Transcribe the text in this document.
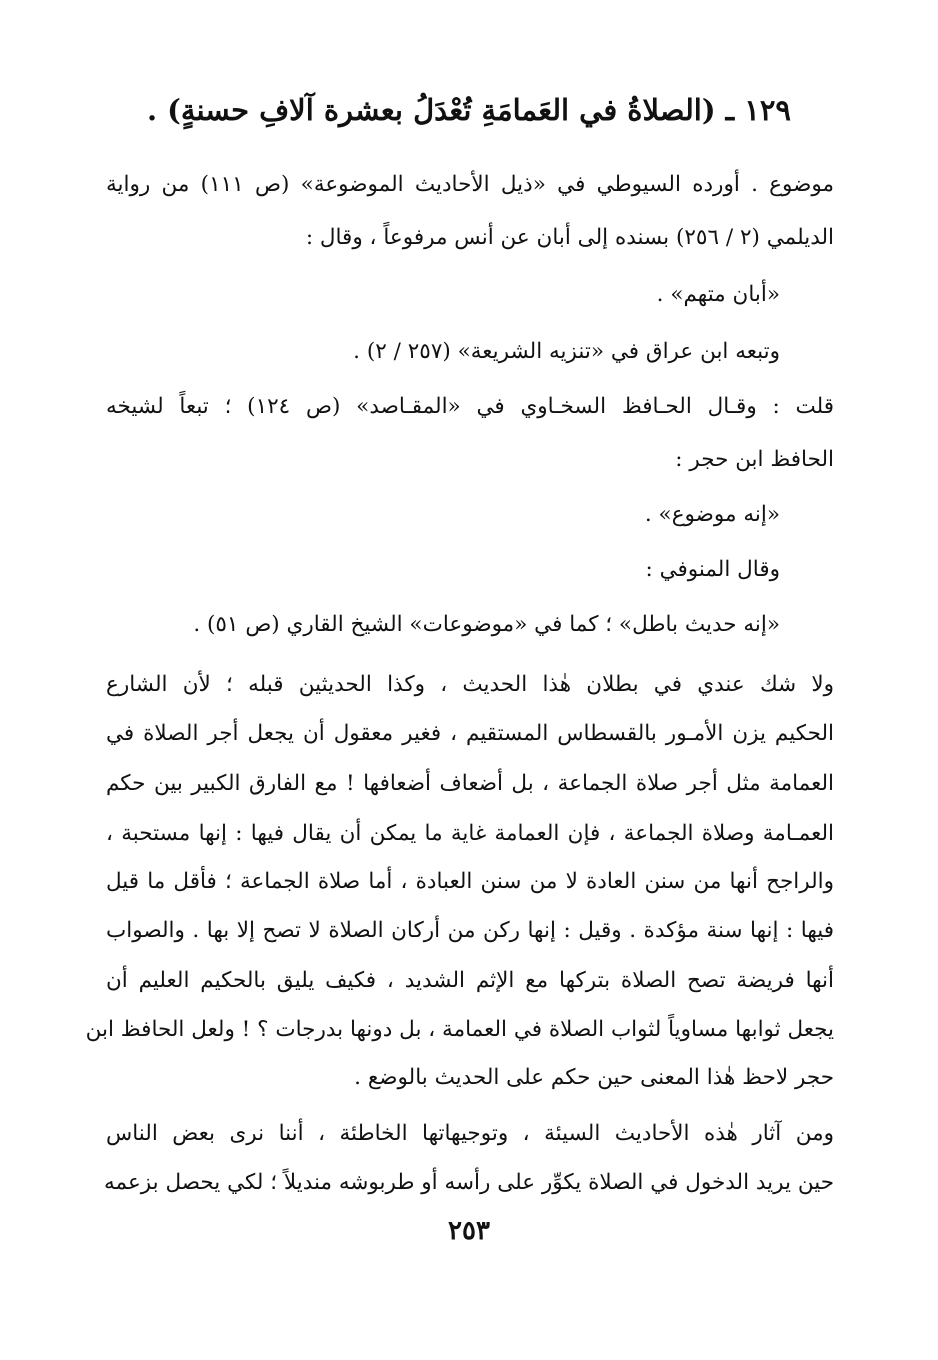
١٢٩ ـ (الصلاةُ في العَمامَةِ تُعْدَلُ بعشرة آلافِ حسنةٍ) .
موضوع . أورده السيوطي في «ذيل الأحاديث الموضوعة» (ص ١١١) من رواية
الديلمي (٢ / ٢٥٦) بسنده إلى أبان عن أنس مرفوعاً ، وقال :
«أبان متهم» .
وتبعه ابن عراق في «تنزيه الشريعة» (٢٥٧ / ٢) .
قلت : وقـال الحـافظ السخـاوي في «المقـاصد» (ص ١٢٤) ؛ تبعاً لشيخه
الحافظ ابن حجر :
«إنه موضوع» .
وقال المنوفي :
«إنه حديث باطل» ؛ كما في «موضوعات» الشيخ القاري (ص ٥١) .
ولا شك عندي في بطلان هٰذا الحديث ، وكذا الحديثين قبله ؛ لأن الشارع
الحكيم يزن الأمـور بالقسطاس المستقيم ، فغير معقول أن يجعل أجر الصلاة في
العمامة مثل أجر صلاة الجماعة ، بل أضعاف أضعافها ! مع الفارق الكبير بين حكم
العمـامة وصلاة الجماعة ، فإن العمامة غاية ما يمكن أن يقال فيها : إنها مستحبة ،
والراجح أنها من سنن العادة لا من سنن العبادة ، أما صلاة الجماعة ؛ فأقل ما قيل
فيها : إنها سنة مؤكدة . وقيل : إنها ركن من أركان الصلاة لا تصح إلا بها . والصواب
أنها فريضة تصح الصلاة بتركها مع الإثم الشديد ، فكيف يليق بالحكيم العليم أن
يجعل ثوابها مساوياً لثواب الصلاة في العمامة ، بل دونها بدرجات ؟ ! ولعل الحافظ ابن
حجر لاحظ هٰذا المعنى حين حكم على الحديث بالوضع .
ومن آثار هٰذه الأحاديث السيئة ، وتوجيهاتها الخاطئة ، أننا نرى بعض الناس
حين يريد الدخول في الصلاة يكوِّر على رأسه أو طربوشه منديلاً ؛ لكي يحصل بزعمه
٢٥٣
